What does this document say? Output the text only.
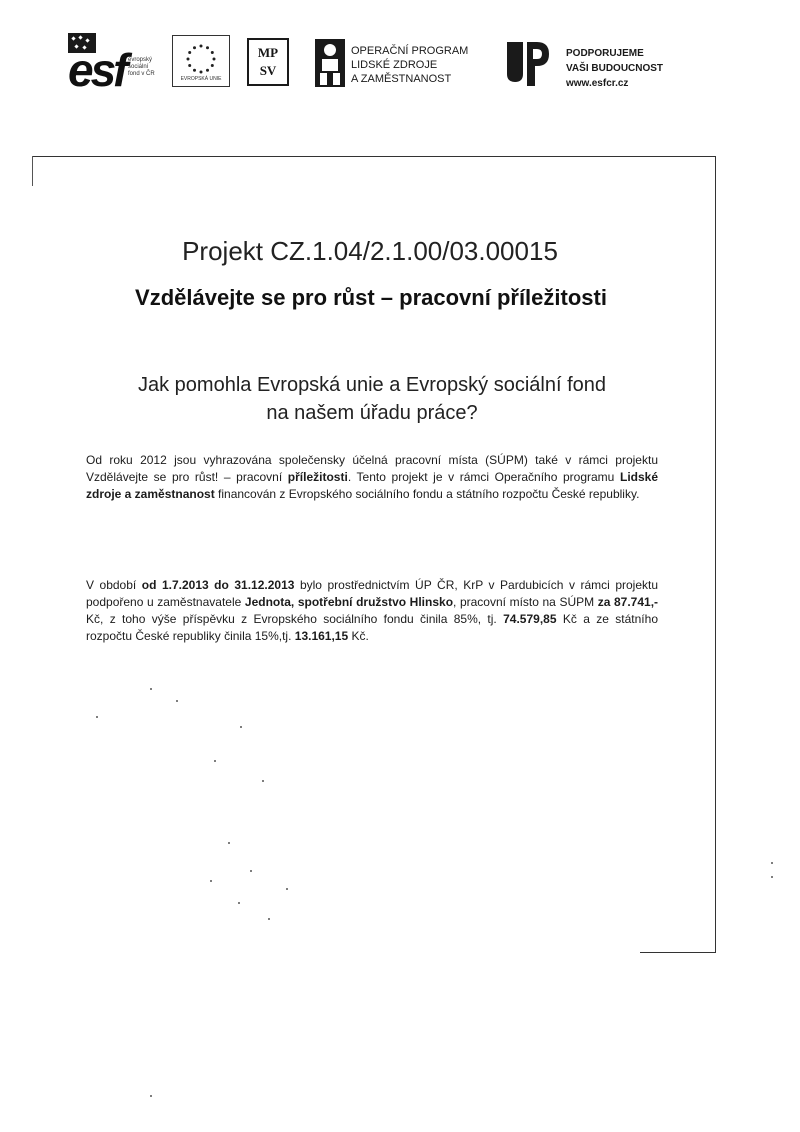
esf evropský
sociální
fond v ČR
EVROPSKÁ UNIE
MP
SV
OPERAČNÍ PROGRAM
LIDSKÉ ZDROJE
A ZAMĚSTNANOST
PODPORUJEME
VAŠI BUDOUCNOST
www.esfcr.cz
Projekt CZ.1.04/2.1.00/03.00015
Vzdělávejte se pro růst – pracovní příležitosti
Jak pomohla Evropská unie a Evropský sociální fond
na našem úřadu práce?
Od roku 2012 jsou vyhrazována společensky účelná pracovní místa (SÚPM) také v rámci projektu Vzdělávejte se pro růst! – pracovní příležitosti. Tento projekt je v rámci Operačního programu Lidské zdroje a zaměstnanost financován z Evropského sociálního fondu a státního rozpočtu České republiky.
V období od 1.7.2013 do 31.12.2013 bylo prostřednictvím ÚP ČR, KrP v Pardubicích v rámci projektu podpořeno u zaměstnavatele Jednota, spotřební družstvo Hlinsko, pracovní místo na SÚPM za 87.741,- Kč, z toho výše příspěvku z Evropského sociálního fondu činila 85%, tj. 74.579,85 Kč a ze státního rozpočtu České republiky činila 15%,tj. 13.161,15 Kč.
